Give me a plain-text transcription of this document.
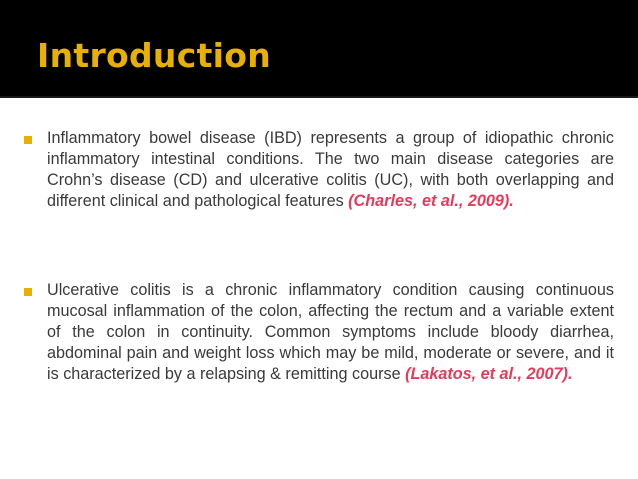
Introduction
Inflammatory bowel disease (IBD) represents a group of idiopathic chronic inflammatory intestinal conditions. The two main disease categories are Crohn’s disease (CD) and ulcerative colitis (UC), with both overlapping and different clinical and pathological features (Charles, et al., 2009).
Ulcerative colitis is a chronic inflammatory condition causing continuous mucosal inflammation of the colon, affecting the rectum and a variable extent of the colon in continuity. Common symptoms include bloody diarrhea, abdominal pain and weight loss which may be mild, moderate or severe, and it is characterized by a relapsing & remitting course (Lakatos, et al., 2007).
